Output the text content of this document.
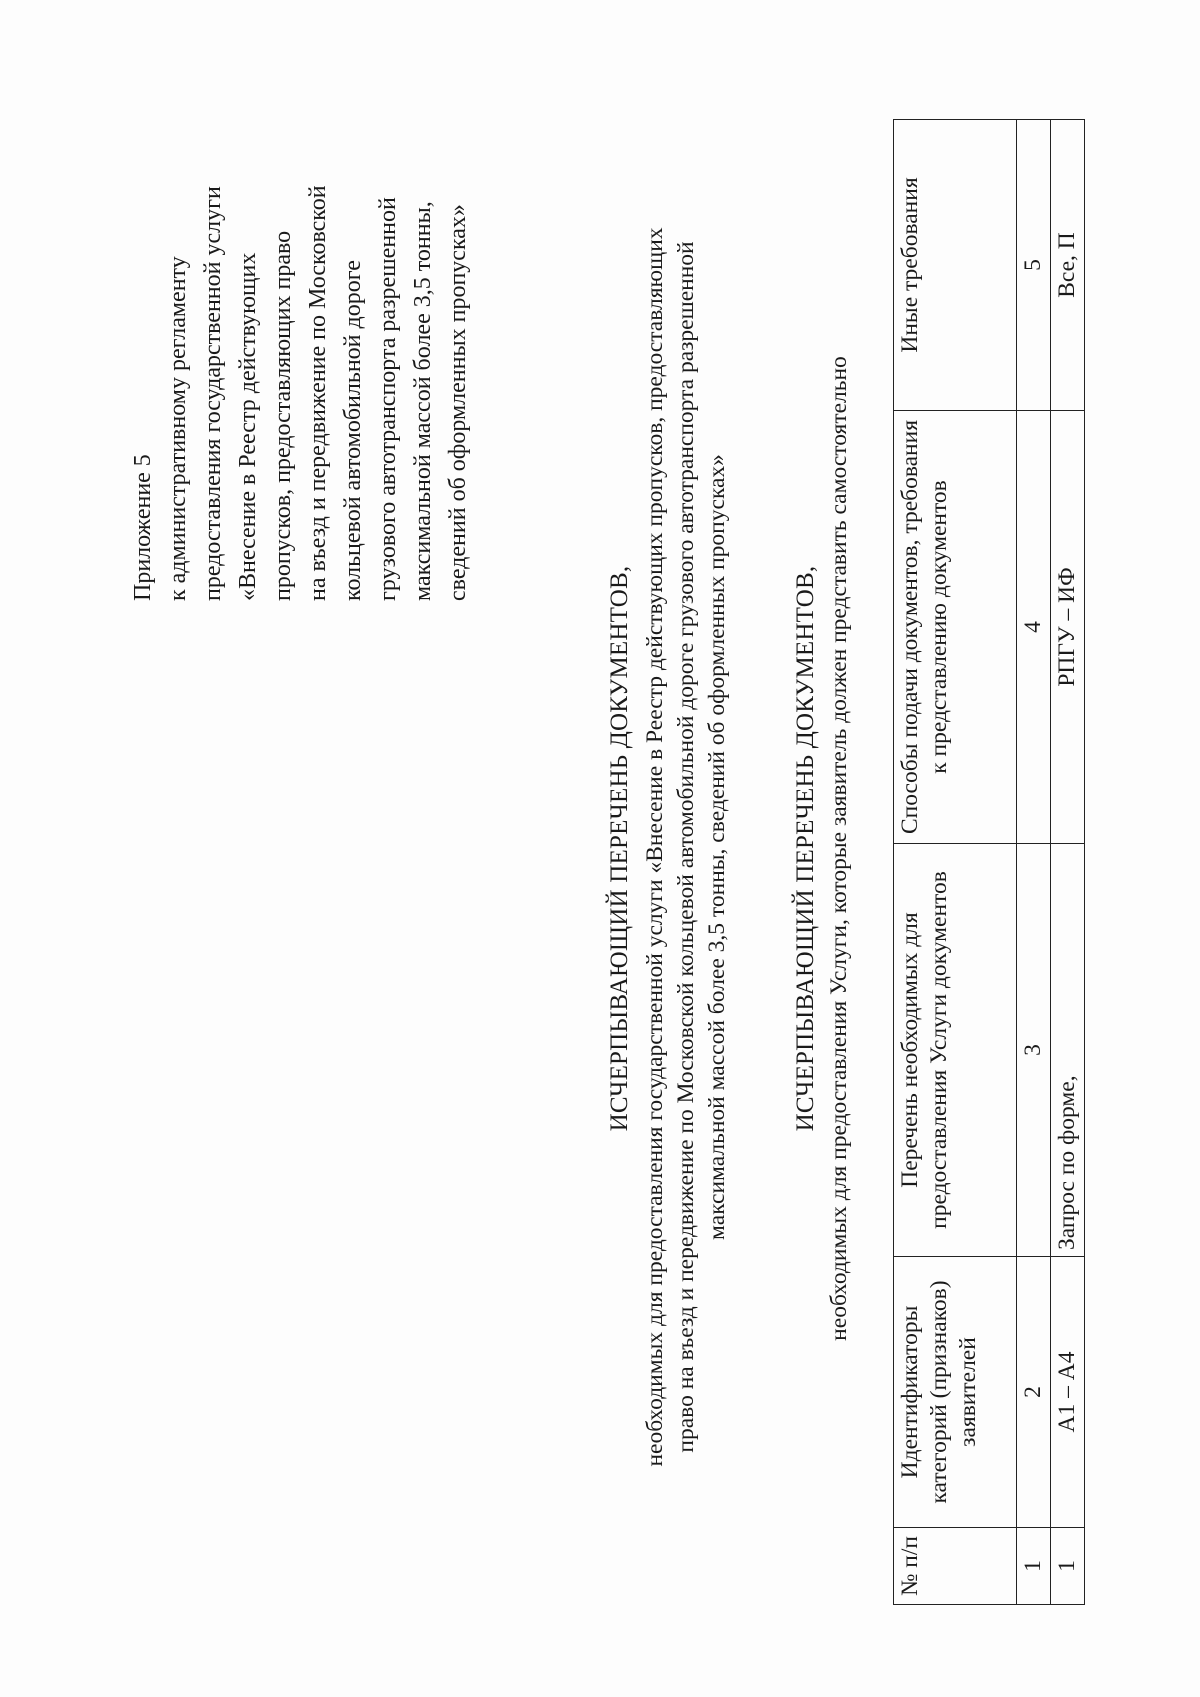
Приложение 5 к административному регламенту предоставления государственной услуги «Внесение в Реестр действующих пропусков, предоставляющих право на въезд и передвижение по Московской кольцевой автомобильной дороге грузового автотранспорта разрешенной максимальной массой более 3,5 тонны, сведений об оформленных пропусках»
ИСЧЕРПЫВАЮЩИЙ ПЕРЕЧЕНЬ ДОКУМЕНТОВ, необходимых для предоставления государственной услуги «Внесение в Реестр действующих пропусков, предоставляющих право на въезд и передвижение по Московской кольцевой автомобильной дороге грузового автотранспорта разрешенной максимальной массой более 3,5 тонны, сведений об оформленных пропусках» ИСЧЕРПЫВАЮЩИЙ ПЕРЕЧЕНЬ ДОКУМЕНТОВ, необходимых для предоставления Услуги, которые заявитель должен представить самостоятельно
№ п/п	Идентификаторы категорий (признаков) заявителей	Перечень необходимых для предоставления Услуги документов	Способы подачи документов, требования к представлению документов	Иные требования
1	2	3	4	5
1	А1 – А4	Запрос по форме,	РПГУ – ИФ	Все, П
